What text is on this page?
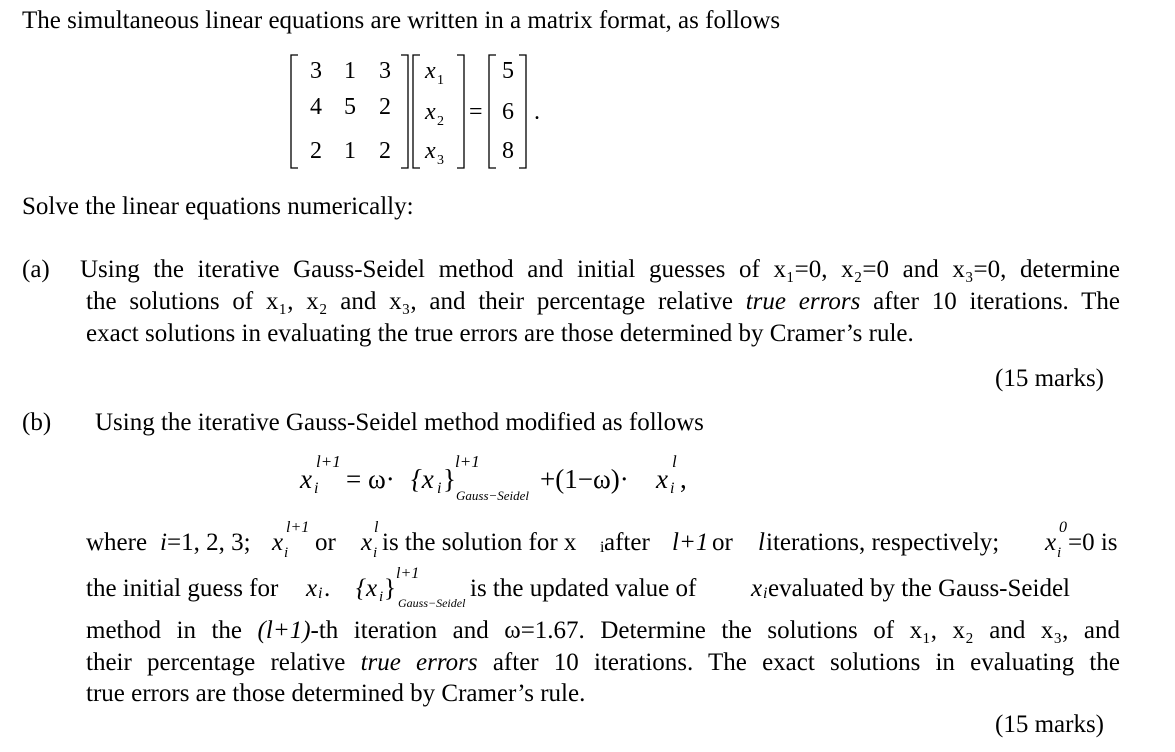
The simultaneous linear equations are written in a matrix format, as follows
3 1 3
4 5 2
2 1 2
x 1
x 2
x 3
=
5
6
8
.
Solve the linear equations numerically:
(a) Using the iterative Gauss-Seidel method and initial guesses of x₁=0, x₂=0 and x₃=0, determine
the solutions of x₁, x₂ and x₃, and their percentage relative true errors after 10 iterations. The
exact solutions in evaluating the true errors are those determined by Cramer’s rule.
(15 marks)
(b) Using the iterative Gauss-Seidel method modified as follows
x
l+1
i = ω· {x i }
l+1
Gauss−Seidel
+(1−ω)· x
l
i ,
where i =1, 2, 3; x
l+1
i or x
l
i is the solution for x i after l+1 or l iterations, respectively; x
0
i =0 is
the initial guess for x i . {x i }
l+1
Gauss−Seidel
is the updated value of x i evaluated by the Gauss-Seidel
method in the (l+1)-th iteration and ω=1.67. Determine the solutions of x₁, x₂ and x₃, and
their percentage relative true errors after 10 iterations. The exact solutions in evaluating the
true errors are those determined by Cramer’s rule.
(15 marks)
